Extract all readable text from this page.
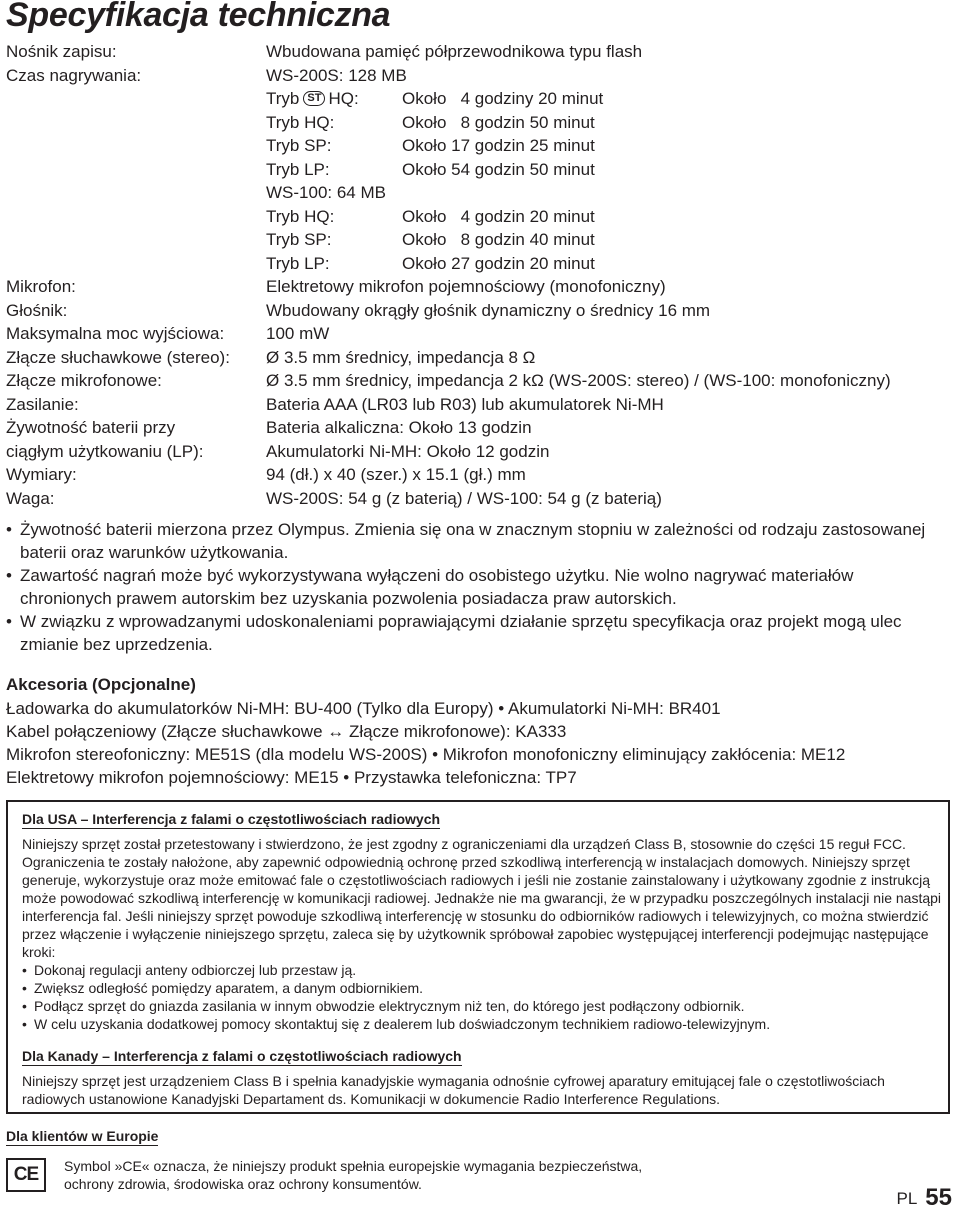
Specyfikacja techniczna
Nośnik zapisu:	Wbudowana pamięć półprzewodnikowa typu flash
Czas nagrywania:	WS-200S: 128 MB
Tryb ST HQ:	Około   4 godziny 20 minut
Tryb HQ:	Około   8 godzin 50 minut
Tryb SP:	Około 17 godzin 25 minut
Tryb LP:	Około 54 godzin 50 minut
WS-100: 64 MB
Tryb HQ:	Około   4 godzin 20 minut
Tryb SP:	Około   8 godzin 40 minut
Tryb LP:	Około 27 godzin 20 minut
Mikrofon:	Elektretowy mikrofon pojemnościowy (monofoniczny)
Głośnik:	Wbudowany okrągły głośnik dynamiczny o średnicy 16 mm
Maksymalna moc wyjściowa: 100 mW
Złącze słuchawkowe (stereo): Ø 3.5 mm średnicy, impedancja 8 Ω
Złącze mikrofonowe:	Ø 3.5 mm średnicy, impedancja 2 kΩ (WS-200S: stereo) / (WS-100: monofoniczny)
Zasilanie:	Bateria AAA (LR03 lub R03) lub akumulatorek Ni-MH
Żywotność baterii przy	Bateria alkaliczna: Około 13 godzin
ciągłym użytkowaniu (LP):	Akumulatorki Ni-MH: Około 12 godzin
Wymiary:	94 (dł.) x 40 (szer.) x 15.1 (gł.) mm
Waga:	WS-200S: 54 g (z baterią) / WS-100: 54 g (z baterią)
• Żywotność baterii mierzona przez Olympus. Zmienia się ona w znacznym stopniu w zależności od rodzaju zastosowanej baterii oraz warunków użytkowania.
• Zawartość nagrań może być wykorzystywana wyłączeni do osobistego użytku. Nie wolno nagrywać materiałów chronionych prawem autorskim bez uzyskania pozwolenia posiadacza praw autorskich.
• W związku z wprowadzanymi udoskonaleniami poprawiającymi działanie sprzętu specyfikacja oraz projekt mogą ulec zmianie bez uprzedzenia.
Akcesoria (Opcjonalne)
Ładowarka do akumulatorków Ni-MH: BU-400 (Tylko dla Europy) • Akumulatorki Ni-MH: BR401
Kabel połączeniowy (Złącze słuchawkowe ↔ Złącze mikrofonowe): KA333
Mikrofon stereofoniczny: ME51S (dla modelu WS-200S) • Mikrofon monofoniczny eliminujący zakłócenia: ME12
Elektretowy mikrofon pojemnościowy: ME15 • Przystawka telefoniczna: TP7
Dla USA – Interferencja z falami o częstotliwościach radiowych

Niniejszy sprzęt został przetestowany i stwierdzono, że jest zgodny z ograniczeniami dla urządzeń Class B, stosownie do części 15 reguł FCC. Ograniczenia te zostały nałożone, aby zapewnić odpowiednią ochronę przed szkodliwą interferencją w instalacjach domowych. Niniejszy sprzęt generuje, wykorzystuje oraz może emitować fale o częstotliwościach radiowych i jeśli nie zostanie zainstalowany i użytkowany zgodnie z instrukcją może powodować szkodliwą interferencję w komunikacji radiowej. Jednakże nie ma gwarancji, że w przypadku poszczególnych instalacji nie nastąpi interferencja fal. Jeśli niniejszy sprzęt powoduje szkodliwą interferencję w stosunku do odbiorników radiowych i telewizyjnych, co można stwierdzić przez włączenie i wyłączenie niniejszego sprzętu, zaleca się by użytkownik spróbował zapobiec występującej interferencji podejmując następujące kroki:

• Dokonaj regulacji anteny odbiorczej lub przestaw ją.
• Zwiększ odległość pomiędzy aparatem, a danym odbiornikiem.
• Podłącz sprzęt do gniazda zasilania w innym obwodzie elektrycznym niż ten, do którego jest podłączony odbiornik.
• W celu uzyskania dodatkowej pomocy skontaktuj się z dealerem lub doświadczonym technikiem radiowo-telewizyjnym.
Dla Kanady – Interferencja z falami o częstotliwościach radiowych

Niniejszy sprzęt jest urządzeniem Class B i spełnia kanadyjskie wymagania odnośnie cyfrowej aparatury emitującej fale o częstotliwościach radiowych ustanowione Kanadyjski Departament ds. Komunikacji w dokumencie Radio Interference Regulations.

Dla klientów w Europie
CE	Symbol »CE« oznacza, że niniejszy produkt spełnia europejskie wymagania bezpieczeństwa,
ochrony zdrowia, środowiska oraz ochrony konsumentów.
PL 55
